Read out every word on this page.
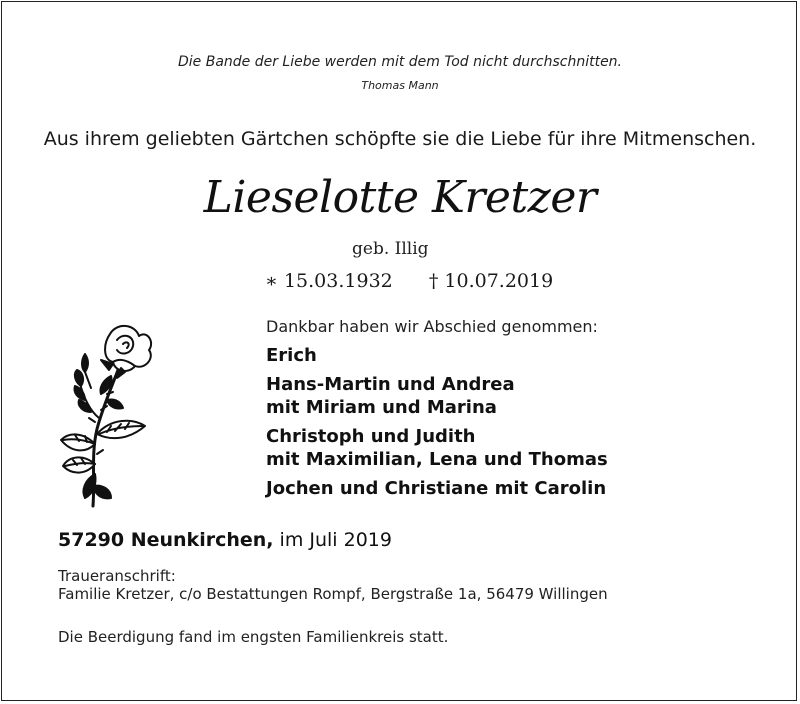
Die Bande der Liebe werden mit dem Tod nicht durchschnitten.
Thomas Mann
Aus ihrem geliebten Gärtchen schöpfte sie die Liebe für ihre Mitmenschen.
Lieselotte Kretzer
geb. Illig
∗ 15.03.1932 † 10.07.2019
Dankbar haben wir Abschied genommen:
Erich
Hans-Martin und Andrea
mit Miriam und Marina
Christoph und Judith
mit Maximilian, Lena und Thomas
Jochen und Christiane mit Carolin
57290 Neunkirchen, im Juli 2019
Traueranschrift:
Familie Kretzer, c/o Bestattungen Rompf, Bergstraße 1a, 56479 Willingen
Die Beerdigung fand im engsten Familienkreis statt.
